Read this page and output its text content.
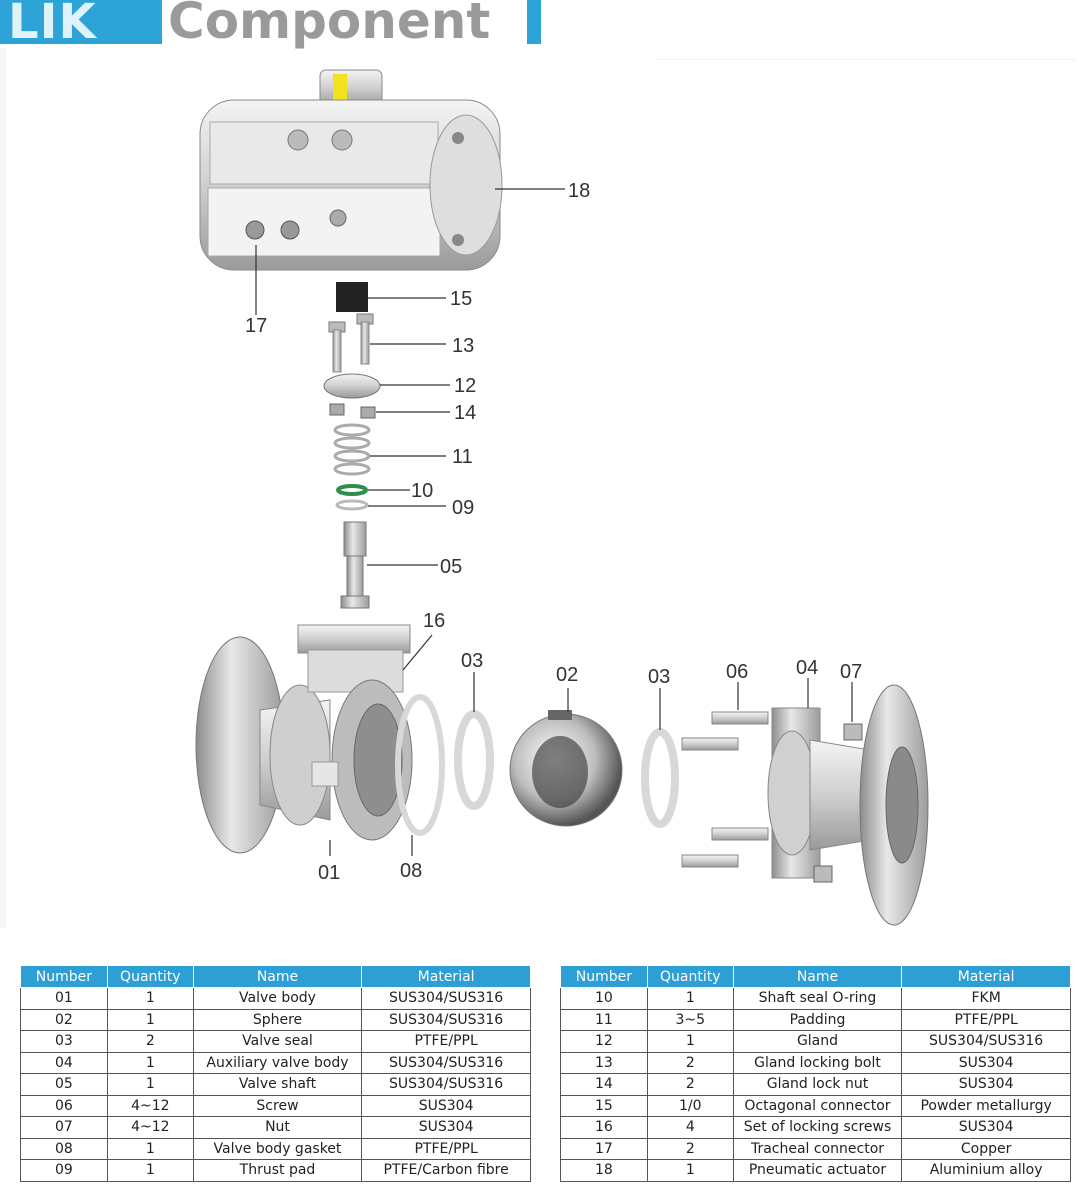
LIK Component
18
17
15
13
12
14
11
10
09
05
16
03
02	03	06 04 07
01	08
Number	Quantity	Name	Material
01	1	Valve body	SUS304/SUS316
02	1	Sphere	SUS304/SUS316
03	2	Valve seal	PTFE/PPL
04	1	Auxiliary valve body	SUS304/SUS316
05	1	Valve shaft	SUS304/SUS316
06	4~12	Screw	SUS304
07	4~12	Nut	SUS304
08	1	Valve body gasket	PTFE/PPL
09	1	Thrust pad	PTFE/Carbon fibre
Number	Quantity	Name	Material
10	1	Shaft seal O-ring	FKM
11	3~5	Padding	PTFE/PPL
12	1	Gland	SUS304/SUS316
13	2	Gland locking bolt	SUS304
14	2	Gland lock nut	SUS304
15	1/0	Octagonal connector	Powder metallurgy
16	4	Set of locking screws	SUS304
17	2	Tracheal connector	Copper
18	1	Pneumatic actuator	Aluminium alloy
